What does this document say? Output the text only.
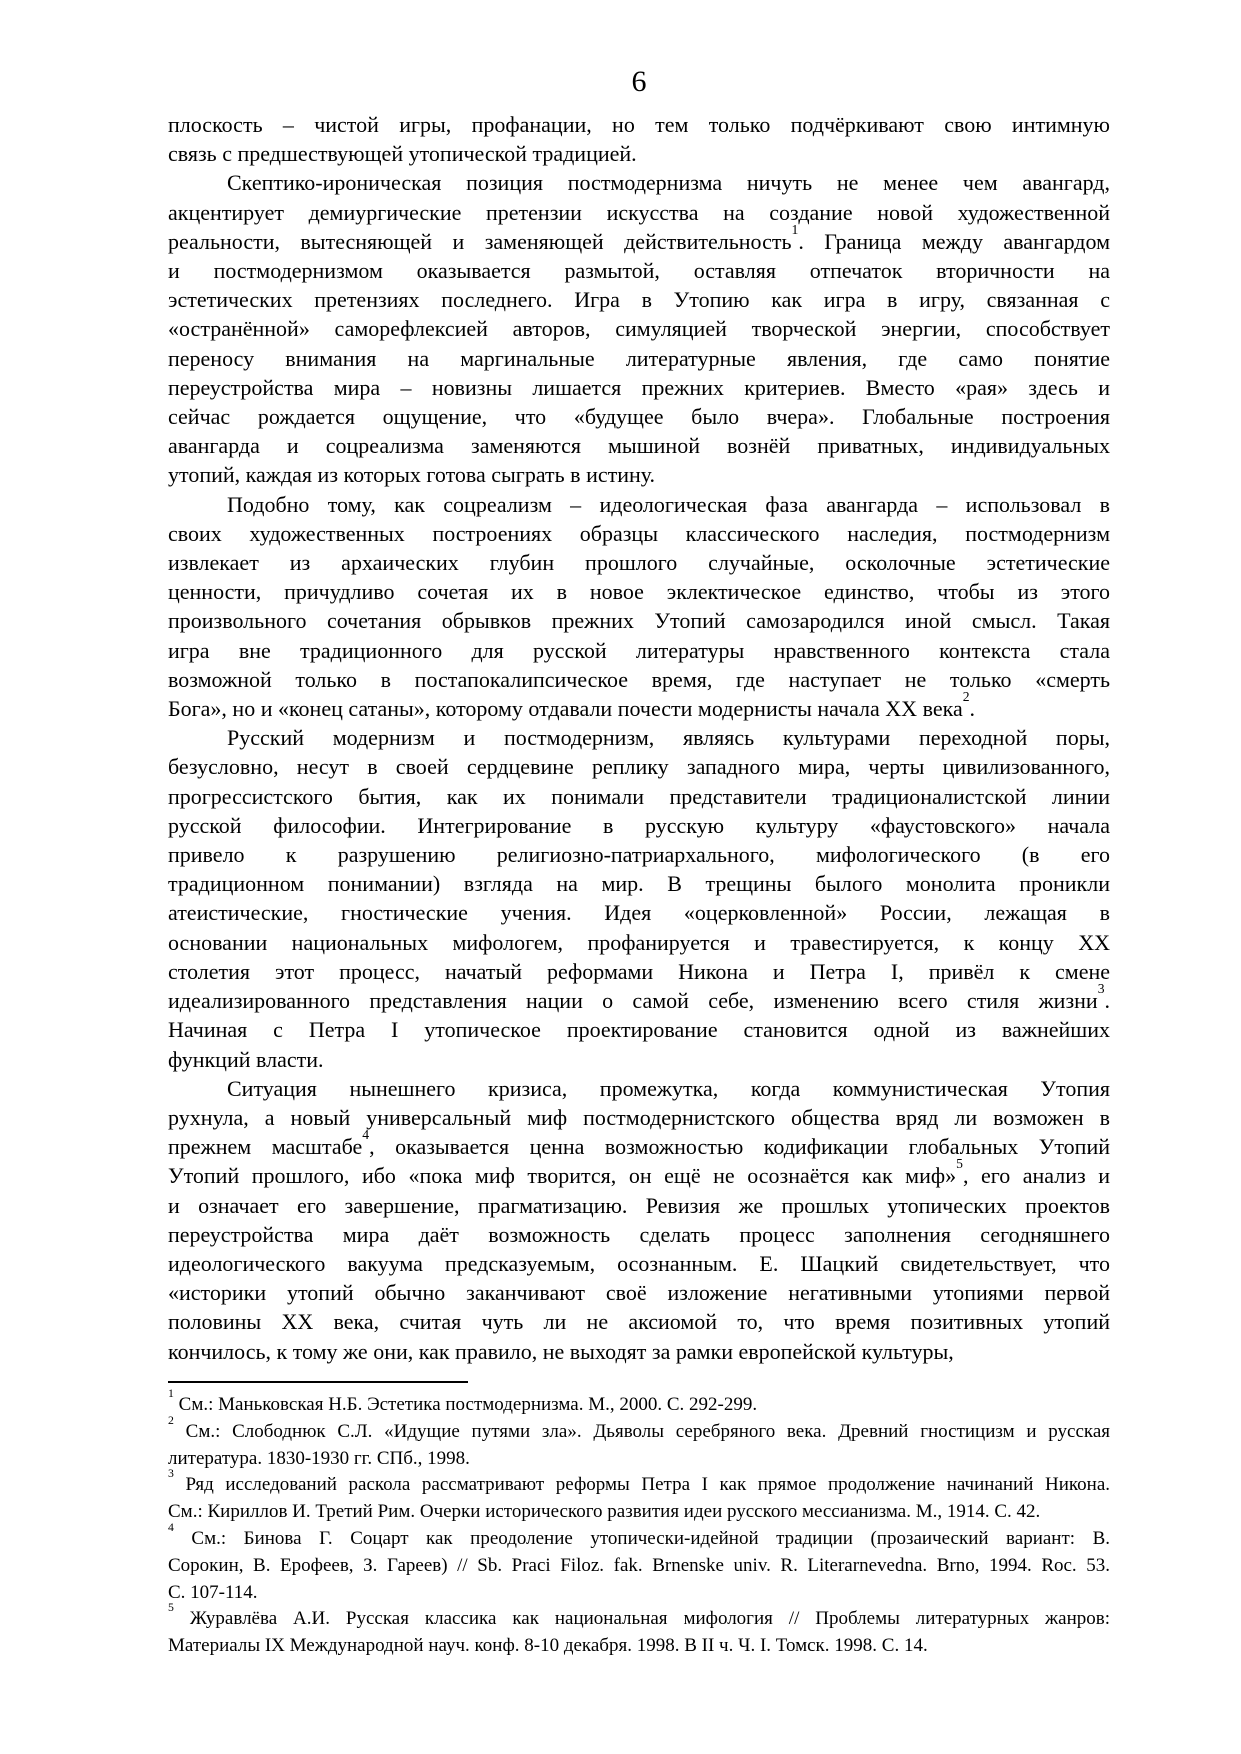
6
плоскость – чистой игры, профанации, но тем только подчёркивают свою интимную
связь с предшествующей утопической традицией.
Скептико-ироническая позиция постмодернизма ничуть не менее чем авангард,
акцентирует демиургические претензии искусства на создание новой художественной
реальности, вытесняющей и заменяющей действительность$^1$. Граница между авангардом
и постмодернизмом оказывается размытой, оставляя отпечаток вторичности на
эстетических претензиях последнего. Игра в Утопию как игра в игру, связанная с
«остранённой» саморефлексией авторов, симуляцией творческой энергии, способствует
переносу внимания на маргинальные литературные явления, где само понятие
переустройства мира – новизны лишается прежних критериев. Вместо «рая» здесь и
сейчас рождается ощущение, что «будущее было вчера». Глобальные построения
авангарда и соцреализма заменяются мышиной вознёй приватных, индивидуальных
утопий, каждая из которых готова сыграть в истину.
Подобно тому, как соцреализм – идеологическая фаза авангарда – использовал в
своих художественных построениях образцы классического наследия, постмодернизм
извлекает из архаических глубин прошлого случайные, осколочные эстетические
ценности, причудливо сочетая их в новое эклектическое единство, чтобы из этого
произвольного сочетания обрывков прежних Утопий самозародился иной смысл. Такая
игра вне традиционного для русской литературы нравственного контекста стала
возможной только в постапокалипсическое время, где наступает не только «смерть
Бога», но и «конец сатаны», которому отдавали почести модернисты начала XX века$^2$.
Русский модернизм и постмодернизм, являясь культурами переходной поры,
безусловно, несут в своей сердцевине реплику западного мира, черты цивилизованного,
прогрессистского бытия, как их понимали представители традиционалистской линии
русской философии. Интегрирование в русскую культуру «фаустовского» начала
привело к разрушению религиозно-патриархального, мифологического (в его
традиционном понимании) взгляда на мир. В трещины былого монолита проникли
атеистические, гностические учения. Идея «оцерковленной» России, лежащая в
основании национальных мифологем, профанируется и травестируется, к концу XX
столетия этот процесс, начатый реформами Никона и Петра I, привёл к смене
идеализированного представления нации о самой себе, изменению всего стиля жизни$^3$.
Начиная с Петра I утопическое проектирование становится одной из важнейших
функций власти.
Ситуация нынешнего кризиса, промежутка, когда коммунистическая Утопия
рухнула, а новый универсальный миф постмодернистского общества вряд ли возможен в
прежнем масштабе$^4$, оказывается ценна возможностью кодификации глобальных Утопий
Утопий прошлого, ибо «пока миф творится, он ещё не осознаётся как миф»$^5$, его анализ и
и означает его завершение, прагматизацию. Ревизия же прошлых утопических проектов
переустройства мира даёт возможность сделать процесс заполнения сегодняшнего
идеологического вакуума предсказуемым, осознанным. Е. Шацкий свидетельствует, что
«историки утопий обычно заканчивают своё изложение негативными утопиями первой
половины XX века, считая чуть ли не аксиомой то, что время позитивных утопий
кончилось, к тому же они, как правило, не выходят за рамки европейской культуры,
$^1$ См.: Маньковская Н.Б. Эстетика постмодернизма. М., 2000. С. 292-299.
$^2$ См.: Слободнюк С.Л. «Идущие путями зла». Дьяволы серебряного века. Древний гностицизм и русская
литература. 1830-1930 гг. СПб., 1998.
$^3$ Ряд исследований раскола рассматривают реформы Петра I как прямое продолжение начинаний Никона.
См.: Кириллов И. Третий Рим. Очерки исторического развития идеи русского мессианизма. М., 1914. С. 42.
$^4$ См.: Бинова Г. Соцарт как преодоление утопически-идейной традиции (прозаический вариант: В.
Сорокин, В. Ерофеев, З. Гареев) // Sb. Praci Filoz. fak. Brnenske univ. R. Literarnevedna. Brno, 1994. Roc. 53.
С. 107-114.
$^5$ Журавлёва А.И. Русская классика как национальная мифология // Проблемы литературных жанров:
Материалы IX Международной науч. конф. 8-10 декабря. 1998. В II ч. Ч. I. Томск. 1998. С. 14.
